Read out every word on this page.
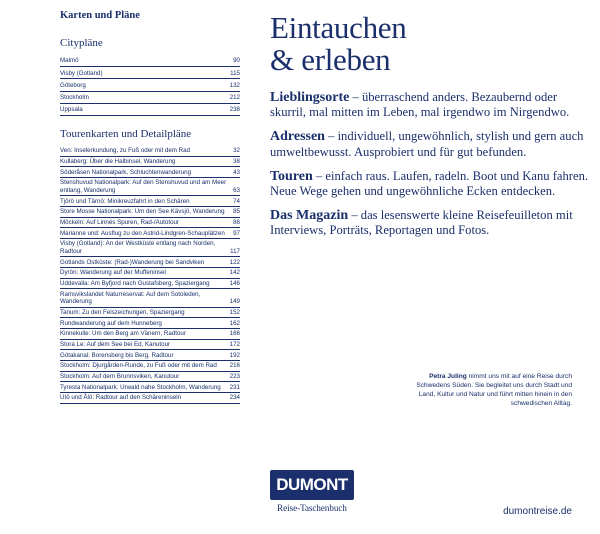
Karten und Pläne
Citypläne
Malmö	90
Visby (Gotland)	115
Göteborg	132
Stockholm	212
Uppsala	238
Tourenkarten und Detailpläne
Ven: Inselerkundung, zu Fuß oder mit dem Rad	32
Kullaberg: Über die Halbinsel, Wanderung	38
Söderåsen Nationalpark, Schluchtenwanderung	43
Stenshuvud Nationalpark: Auf den Stenshuvud und am Meer entlang, Wanderung	63
Tjörö und Tärnö: Minikreuzfahrt in den Schären	74
Store Mosse Nationalpark: Um den See Kävsjö, Wanderung	85
Möckeln: Auf Linnés Spuren, Rad-/Autotour	86
Marianne und: Ausflug zu den Astrid-Lindgren-Schauplätzen	97
Visby (Gotland): An der Westküste entlang nach Norden, Radtour	117
Gotlands Ostküste: (Rad-)Wanderung bei Sandviken	122
Dyrön: Wanderung auf der Muffeninsel	142
Uddevalla: Am Byfjord nach Gustafsberg, Spaziergang	146
Ramsvikslandet Naturreservat: Auf dem Sotoleden, Wanderung	149
Tanum: Zu den Felszeichungen, Spaziergang	152
Rundwanderung auf dem Hunneberg	162
Kinnekulle: Um den Berg am Vänern, Radtour	166
Stora Le: Auf dem See bei Ed, Kanutour	172
Götakanal: Borensberg bis Berg, Radtour	192
Stockholm: Djurgården-Runde, zu Fuß oder mit dem Rad	216
Stockholm: Auf dem Brunnsviken, Kanutour	223
Tyresta Nationalpark: Urwald nahe Stockholm, Wanderung	231
Utö und Ålö: Radtour auf den Schäreninseln	234
Eintauchen
& erleben
Lieblingsorte – überraschend anders. Bezaubernd oder skurril, mal mitten im Leben, mal irgendwo im Nirgendwo.
Adressen – individuell, ungewöhnlich, stylish und gern auch umweltbewusst. Ausprobiert und für gut befunden.
Touren – einfach raus. Laufen, radeln. Boot und Kanu fahren. Neue Wege gehen und ungewöhnliche Ecken entdecken.
Das Magazin – das lesenswerte kleine Reisefeuilleton mit Interviews, Porträts, Reportagen und Fotos.
Petra Juling nimmt uns mit auf eine Reise durch Schwedens Süden. Sie begleitet uns durch Stadt und Land, Kultur und Natur und führt mitten hinein in den schwedischen Alltag.
DUMONT
Reise-Taschenbuch	dumontreise.de
